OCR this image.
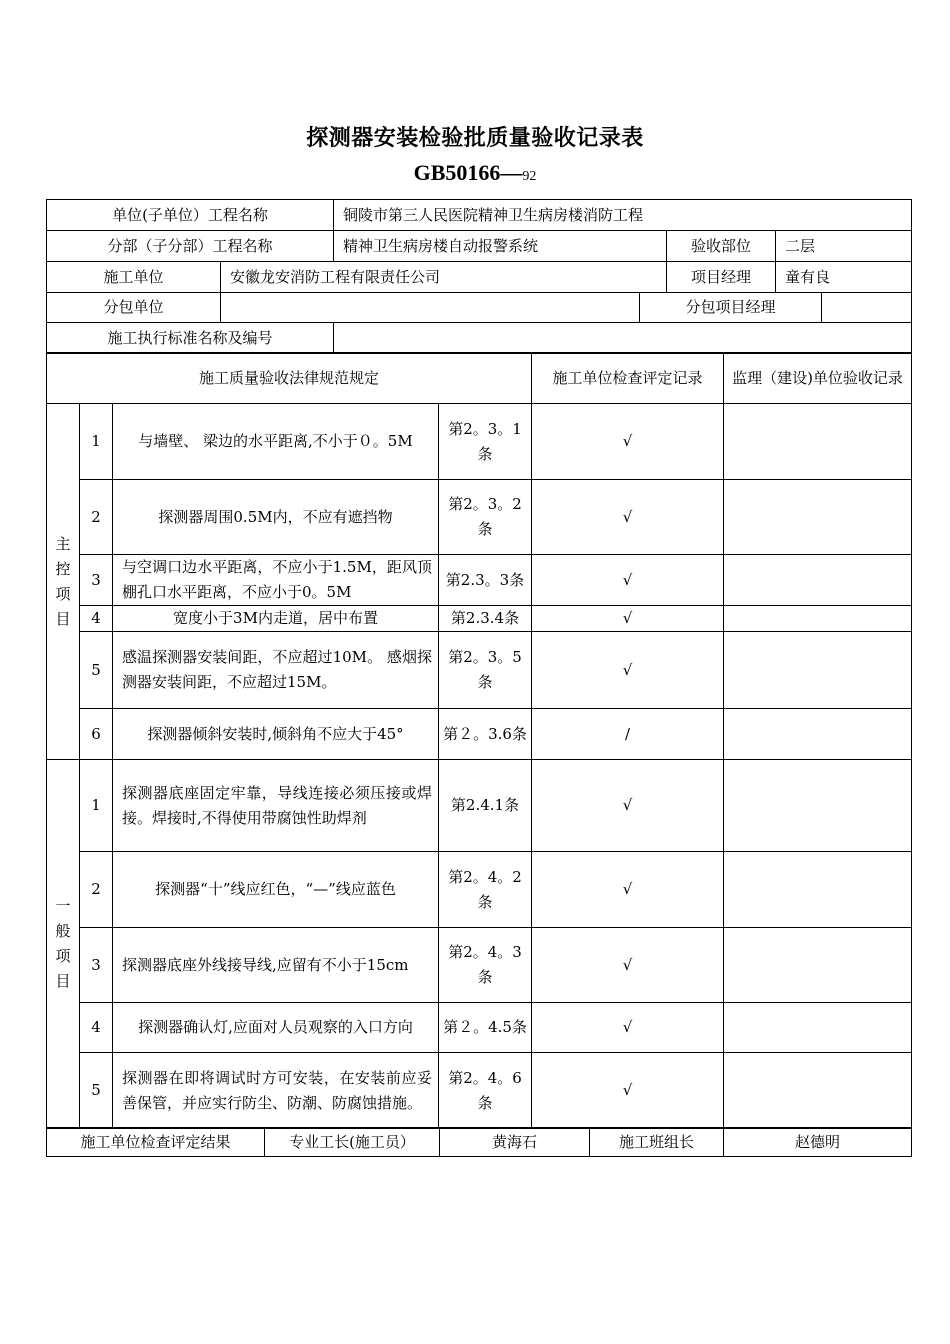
探测器安装检验批质量验收记录表
GB50166—92
单位(子单位）工程名称		铜陵市第三人民医院精神卫生病房楼消防工程				
分部（子分部）工程名称		精神卫生病房楼自动报警系统		验收部位	二层	
施工单位	安徽龙安消防工程有限责任公司			项目经理	童有良	
分包单位			分包项目经理			
施工执行标准名称及编号						
施工质量验收法律规范规定				施工单位检查评定记录	监理（建设)单位验收记录
主
控
项
目	1	与墙壁、 梁边的水平距离,不小于０。5M	第2。3。1条	√	
	2	探测器周围0.5M内，不应有遮挡物	第2。3。2条	√	
	3	与空调口边水平距离，不应小于1.5M，距风顶棚孔口水平距离，不应小于0。5M	第2.3。3条	√	
	4	宽度小于3M内走道，居中布置	第2.3.4条	√	
	5	感温探测器安装间距，不应超过10M。 感烟探测器安装间距，不应超过15M。	第2。3。5条	√	
	6	探测器倾斜安装时,倾斜角不应大于45°	第２。3.6条	/	
一
般
项
目	1	探测器底座固定牢靠，导线连接必须压接或焊接。焊接时,不得使用带腐蚀性助焊剂	第2.4.1条	√	
	2	探测器“十”线应红色，“—”线应蓝色	第2。4。2条	√	
	3	探测器底座外线接导线,应留有不小于15cm	第2。4。3条	√	
	4	探测器确认灯,应面对人员观察的入口方向	第２。4.5条	√	
	5	探测器在即将调试时方可安装，在安装前应妥善保管，并应实行防尘、防潮、防腐蚀措施。	第2。4。6条	√	
施工单位检查评定结果	专业工长(施工员）	黄海石	施工班组长	赵德明
